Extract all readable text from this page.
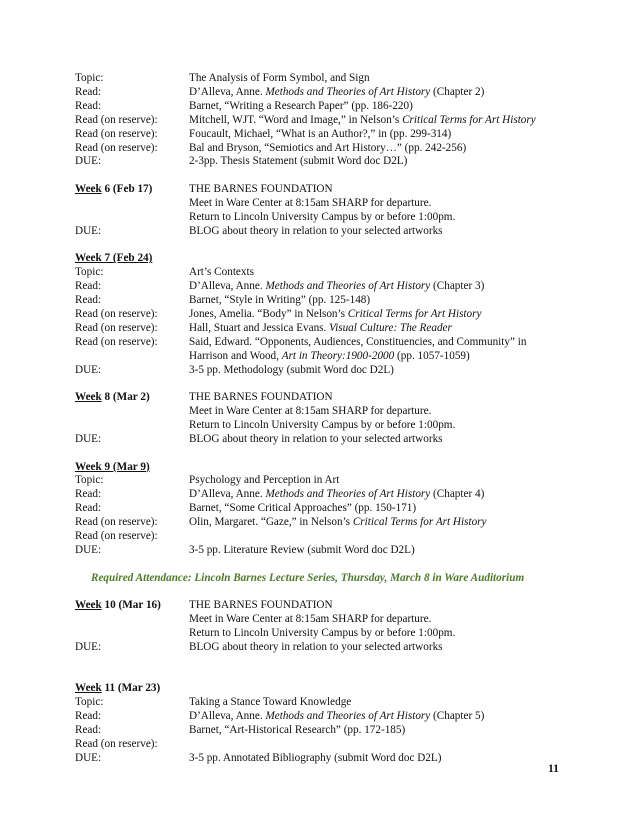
Topic:	The Analysis of Form Symbol, and Sign
Read:	D’Alleva, Anne. Methods and Theories of Art History (Chapter 2)
Read:	Barnet, “Writing a Research Paper” (pp. 186-220)
Read (on reserve):	Mitchell, WJT. “Word and Image,” in Nelson’s Critical Terms for Art History
Read (on reserve):	Foucault, Michael, “What is an Author?,” in (pp. 299-314)
Read (on reserve):	Bal and Bryson, “Semiotics and Art History…” (pp. 242-256)
DUE:	2-3pp. Thesis Statement (submit Word doc D2L)
Week 6 (Feb 17)	THE BARNES FOUNDATION
Meet in Ware Center at 8:15am SHARP for departure.
Return to Lincoln University Campus by or before 1:00pm.
DUE:	BLOG about theory in relation to your selected artworks
Week 7 (Feb 24)
Topic:	Art’s Contexts
Read:	D’Alleva, Anne. Methods and Theories of Art History (Chapter 3)
Read:	Barnet, “Style in Writing” (pp. 125-148)
Read (on reserve):	Jones, Amelia. “Body” in Nelson’s Critical Terms for Art History
Read (on reserve):	Hall, Stuart and Jessica Evans. Visual Culture: The Reader
Read (on reserve):	Said, Edward. “Opponents, Audiences, Constituencies, and Community” in
Harrison and Wood, Art in Theory:1900-2000 (pp. 1057-1059)
DUE:	3-5 pp. Methodology (submit Word doc D2L)
Week 8 (Mar 2)	THE BARNES FOUNDATION
Meet in Ware Center at 8:15am SHARP for departure.
Return to Lincoln University Campus by or before 1:00pm.
DUE:	BLOG about theory in relation to your selected artworks
Week 9 (Mar 9)
Topic:	Psychology and Perception in Art
Read:	D’Alleva, Anne. Methods and Theories of Art History (Chapter 4)
Read:	Barnet, “Some Critical Approaches” (pp. 150-171)
Read (on reserve):	Olin, Margaret. “Gaze,” in Nelson’s Critical Terms for Art History
Read (on reserve):
DUE:	3-5 pp. Literature Review (submit Word doc D2L)
Required Attendance: Lincoln Barnes Lecture Series, Thursday, March 8 in Ware Auditorium
Week 10 (Mar 16)	THE BARNES FOUNDATION
Meet in Ware Center at 8:15am SHARP for departure.
Return to Lincoln University Campus by or before 1:00pm.
DUE:	BLOG about theory in relation to your selected artworks
Week 11 (Mar 23)
Topic:	Taking a Stance Toward Knowledge
Read:	D’Alleva, Anne. Methods and Theories of Art History (Chapter 5)
Read:	Barnet, “Art-Historical Research” (pp. 172-185)
Read (on reserve):
DUE:	3-5 pp. Annotated Bibliography (submit Word doc D2L)
11
